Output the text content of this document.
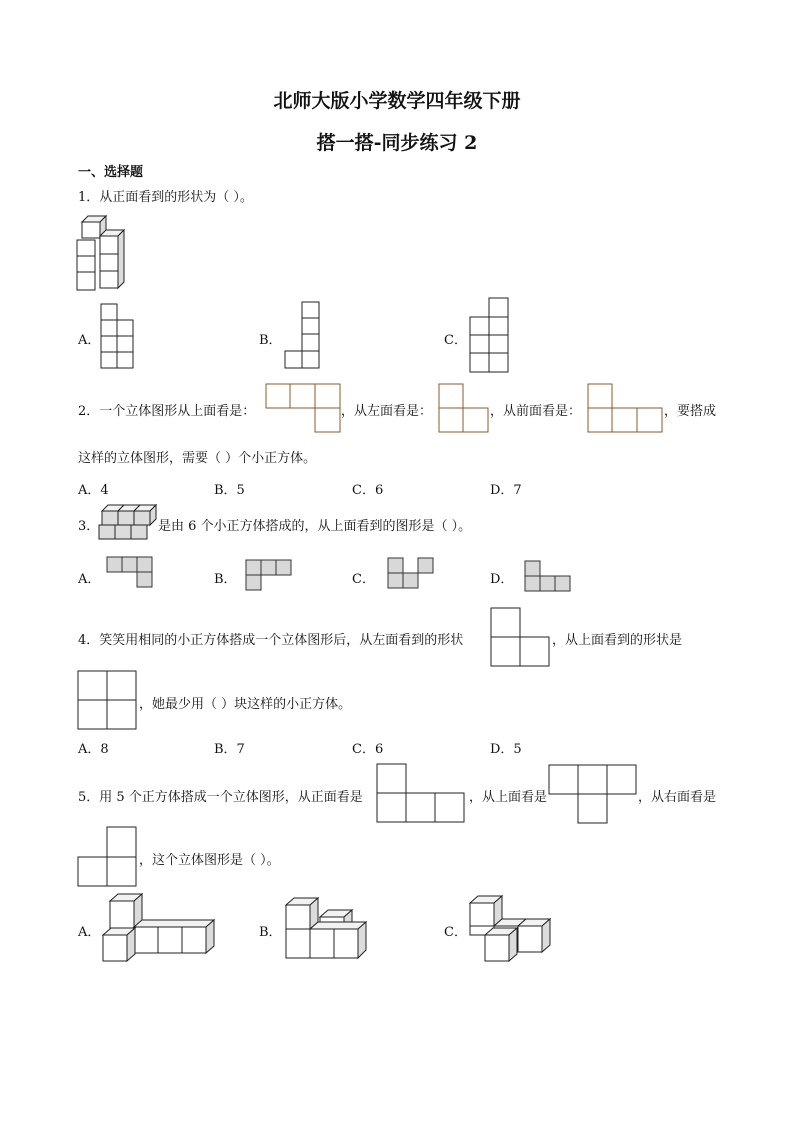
北师大版小学数学四年级下册
搭一搭-同步练习 2
一、选择题
1．从正面看到的形状为（ ）。
A．	B．	C．
2．一个立体图形从上面看是：	，从左面看是：	，从前面看是：	，要搭成
这样的立体图形，需要（ ）个小正方体。
A．4	B．5	C．6	D．7
3．	是由 6 个小正方体搭成的，从上面看到的图形是（ ）。
A．	B．	C．	D．
4．笑笑用相同的小正方体搭成一个立体图形后，从左面看到的形状	，从上面看到的形状是
，她最少用（ ）块这样的小正方体。
A．8	B．7	C．6	D．5
5．用 5 个正方体搭成一个立体图形，从正面看是	，从上面看是	，从右面看是
，这个立体图形是（ ）。
A．	B．	C．
